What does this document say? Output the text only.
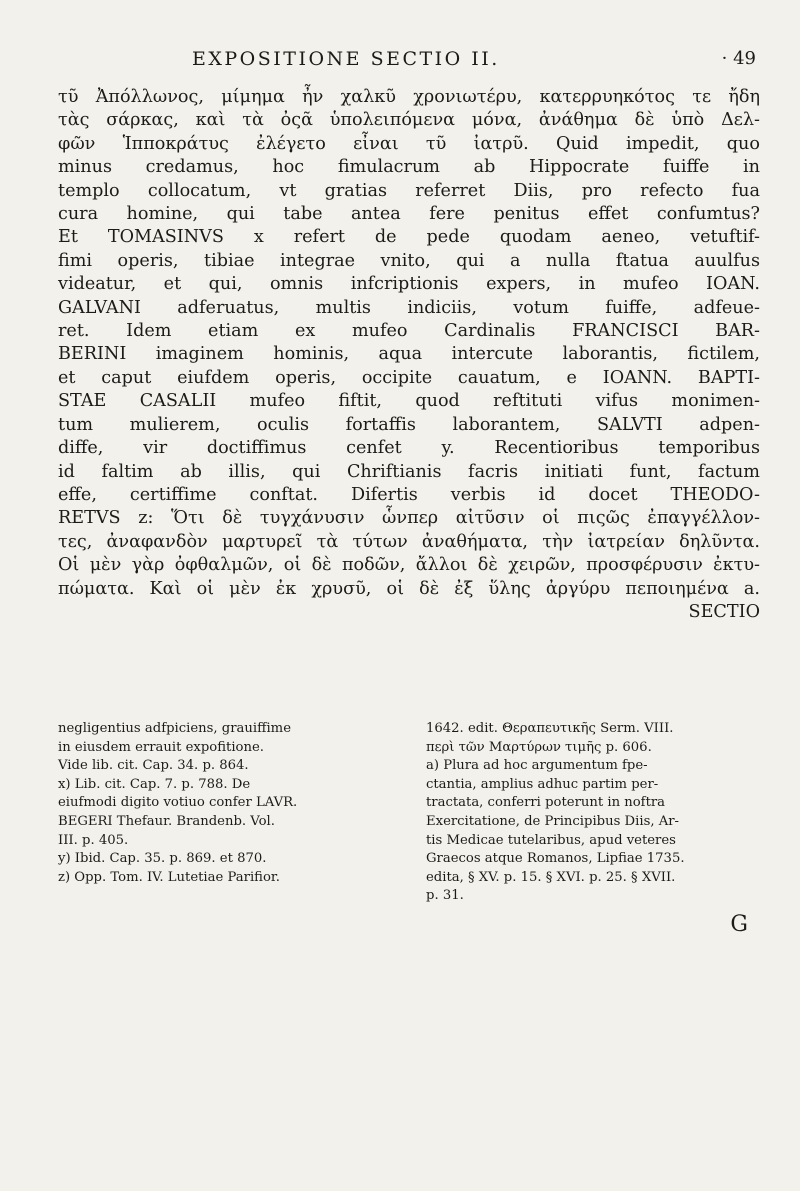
EXPOSITIONE SECTIO II.	· 49
τῦ Ἀπόλλωνος, μίμημα ἦν χαλκῦ χρονιωτέρυ, κατερρυηκότος τε ἤδη
τὰς σάρκας, καὶ τὰ ὀςᾶ ὑπολειπόμενα μόνα, ἀνάθημα δὲ ὑπὸ Δελ-
φῶν Ἱπποκράτυς ἐλέγετο εἶναι τῦ ἰατρῦ. Quid impedit, quo
minus credamus, hoc fimulacrum ab Hippocrate fuiffe in
templo collocatum, vt gratias referret Diis, pro refecto fua
cura homine, qui tabe antea fere penitus effet confumtus?
Et TOMASINVS x refert de pede quodam aeneo, vetuftif-
fimi operis, tibiae integrae vnito, qui a nulla ftatua auulfus
videatur, et qui, omnis infcriptionis expers, in mufeo IOAN.
GALVANI adferuatus, multis indiciis, votum fuiffe, adfeue-
ret. Idem etiam ex mufeo Cardinalis FRANCISCI BAR-
BERINI imaginem hominis, aqua intercute laborantis, fictilem,
et caput eiufdem operis, occipite cauatum, e IOANN. BAPTI-
STAE CASALII mufeo fiftit, quod reftituti vifus monimen-
tum mulierem, oculis fortaffis laborantem, SALVTI adpen-
diffe, vir doctiffimus cenfet y. Recentioribus temporibus
id faltim ab illis, qui Chriftianis facris initiati funt, factum
effe, certiffime conftat. Difertis verbis id docet THEODO-
RETVS z: Ὅτι δὲ τυγχάνυσιν ὧνπερ αἰτῦσιν οἱ πιςῶς ἐπαγγέλλον-
τες, ἀναφανδὸν μαρτυρεῖ τὰ τύτων ἀναθήματα, τὴν ἰατρείαν δηλῦντα.
Οἱ μὲν γὰρ ὀφθαλμῶν, οἱ δὲ ποδῶν, ἄλλοι δὲ χειρῶν, προσφέρυσιν ἐκτυ-
πώματα. Καὶ οἱ μὲν ἐκ χρυσῦ, οἱ δὲ ἐξ ὕλης ἀργύρυ πεποιημένα a.
SECTIO
negligentius adfpiciens, grauiffime
in eiusdem errauit expofitione.
Vide lib. cit. Cap. 34. p. 864.
x) Lib. cit. Cap. 7. p. 788. De
eiufmodi digito votiuo confer LAVR.
BEGERI Thefaur. Brandenb. Vol.
III. p. 405.
y) Ibid. Cap. 35. p. 869. et 870.
z) Opp. Tom. IV. Lutetiae Parifior.
1642. edit. Θεραπευτικῆς Serm. VIII.
περὶ τῶν Μαρτύρων τιμῆς p. 606.
a) Plura ad hoc argumentum fpe-
ctantia, amplius adhuc partim per-
tractata, conferri poterunt in noftra
Exercitatione, de Principibus Diis, Ar-
tis Medicae tutelaribus, apud veteres
Graecos atque Romanos, Lipfiae 1735.
edita, § XV. p. 15. § XVI. p. 25. § XVII.
p. 31.
G
